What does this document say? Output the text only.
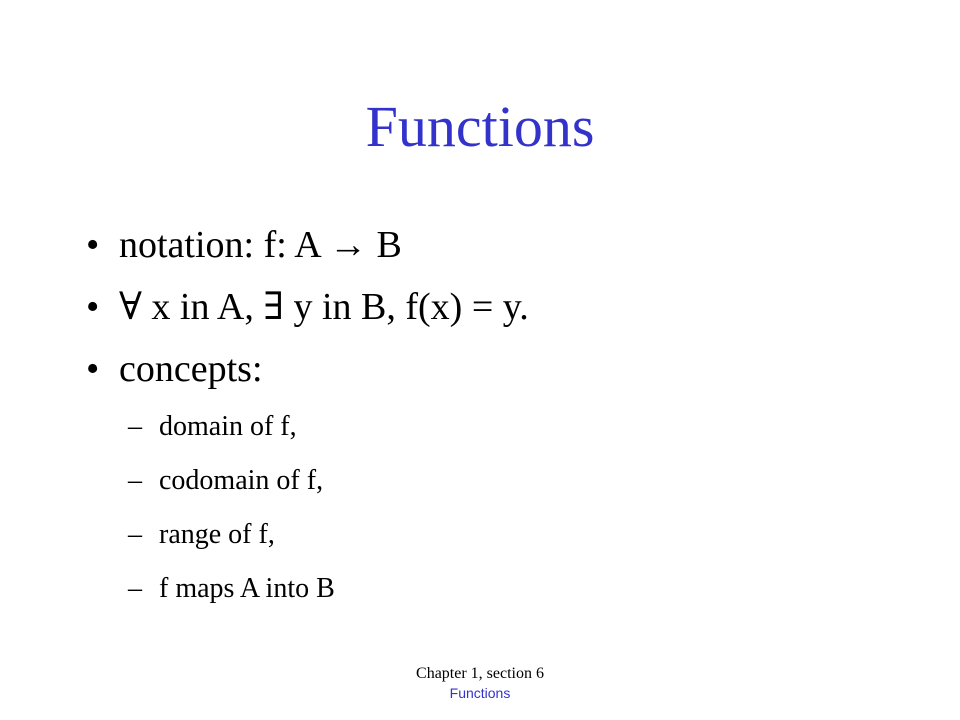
Functions
• notation: f: A → B
• ∀ x in A, ∃ y in B, f(x) = y.
• concepts:
– domain of f,
– codomain of f,
– range of f,
– f maps A into B
Chapter 1, section 6
Functions
